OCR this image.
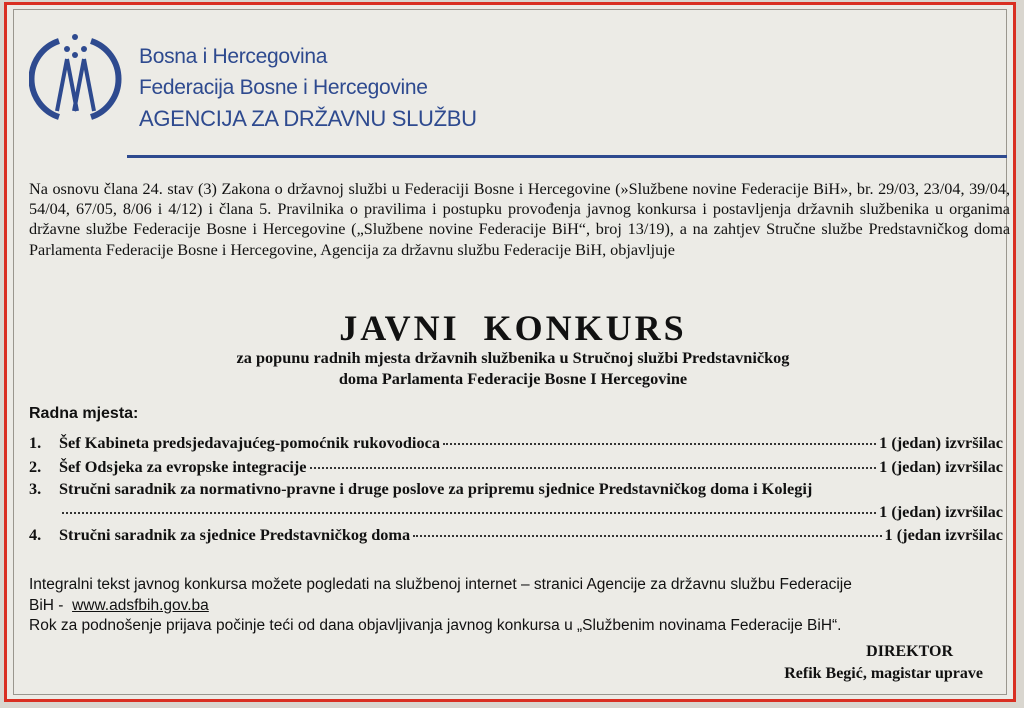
Bosna i Hercegovina
Federacija Bosne i Hercegovine
AGENCIJA ZA DRŽAVNU SLUŽBU
Na osnovu člana 24. stav (3) Zakona o državnoj službi u Federaciji Bosne i Hercegovine (»Službene novine Federacije BiH», br. 29/03, 23/04, 39/04, 54/04, 67/05, 8/06 i 4/12) i člana 5. Pravilnika o pravilima i postupku provođenja javnog konkursa i postavljenja državnih službenika u organima državne službe Federacije Bosne i Hercegovine („Službene novine Federacije BiH“, broj 13/19), a na zahtjev Stručne službe Predstavničkog doma Parlamenta Federacije Bosne i Hercegovine, Agencija za državnu službu Federacije BiH, objavljuje
JAVNI KONKURS
za popunu radnih mjesta državnih službenika u Stručnoj službi Predstavničkog
doma Parlamenta Federacije Bosne I Hercegovine
Radna mjesta:
1.	Šef Kabineta predsjedavajućeg-pomoćnik rukovodioca	1 (jedan) izvršilac
2.	Šef Odsjeka za evropske integracije	1 (jedan) izvršilac
3.	Stručni saradnik za normativno-pravne i druge poslove za pripremu sjednice Predstavničkog doma i Kolegij
1 (jedan) izvršilac
4.	Stručni saradnik za sjednice Predstavničkog doma	1 (jedan izvršilac
Integralni tekst javnog konkursa možete pogledati na službenoj internet – stranici Agencije za državnu službu Federacije
BiH - www.adsfbih.gov.ba
Rok za podnošenje prijava počinje teći od dana objavljivanja javnog konkursa u „Službenim novinama Federacije BiH“.
DIREKTOR
Refik Begić, magistar uprave
